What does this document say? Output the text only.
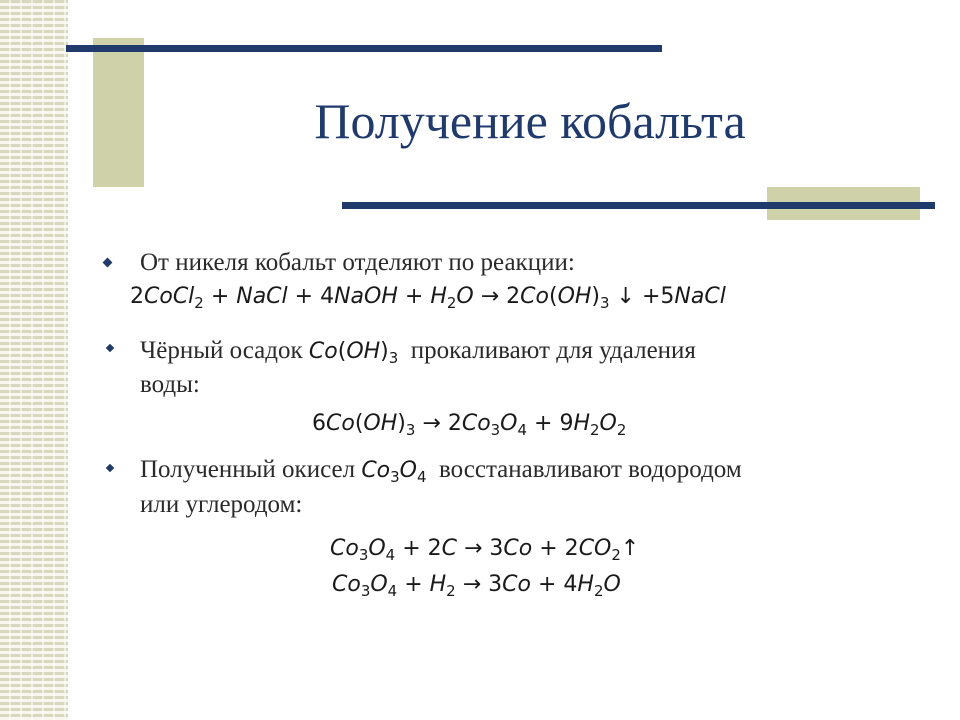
Получение кобальта
От никеля кобальт отделяют по реакции:
2CoCl$_2$ + NaCl + 4NaOH + $H_2O \to 2Co(OH)_3$ ↓ +5NaCl
Чёрный осадок $Co(OH)_3$ прокаливают для удаления
воды:
$6Co(OH)_3 \to 2Co_3O_4 + 9H_2O_2$
Полученный окисел $Co_3O_4$ восстанавливают водородом
или углеродом:
$Co_3O_4 + 2C \to 3Co$ + $2CO_2↑$
$Co_3O_4 + H_2 \to 3Co + 4H_2O$
